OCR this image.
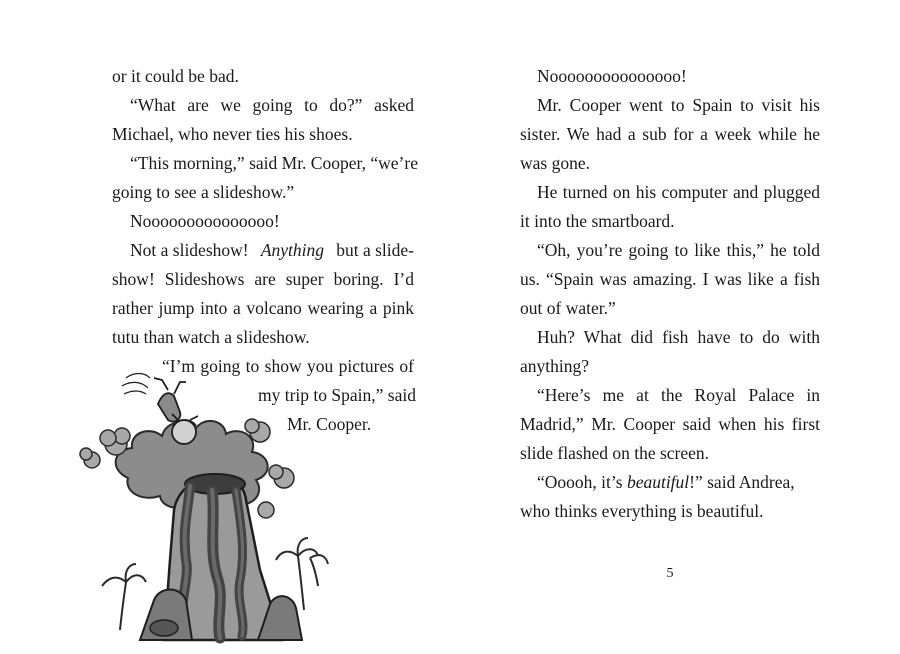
or it could be bad.
“What are we going to do?” asked
Michael, who never ties his shoes.
“This morning,” said Mr. Cooper, “we’re
going to see a slideshow.”
Nooooooooooooooo!
Not a slideshow! Anything but a slide-
show! Slideshows are super boring. I’d
rather jump into a volcano wearing a pink
tutu than watch a slideshow.
“I’m going to show you pictures of
my trip to Spain,” said
Mr. Cooper.
Nooooooooooooooo!
Mr. Cooper went to Spain to visit his
sister. We had a sub for a week while he
was gone.
He turned on his computer and plugged
it into the smartboard.
“Oh, you’re going to like this,” he told
us. “Spain was amazing. I was like a fish
out of water.”
Huh? What did fish have to do with
anything?
“Here’s me at the Royal Palace in
Madrid,” Mr. Cooper said when his first
slide flashed on the screen.
“Ooooh, it’s beautiful!” said Andrea,
who thinks everything is beautiful.
5
